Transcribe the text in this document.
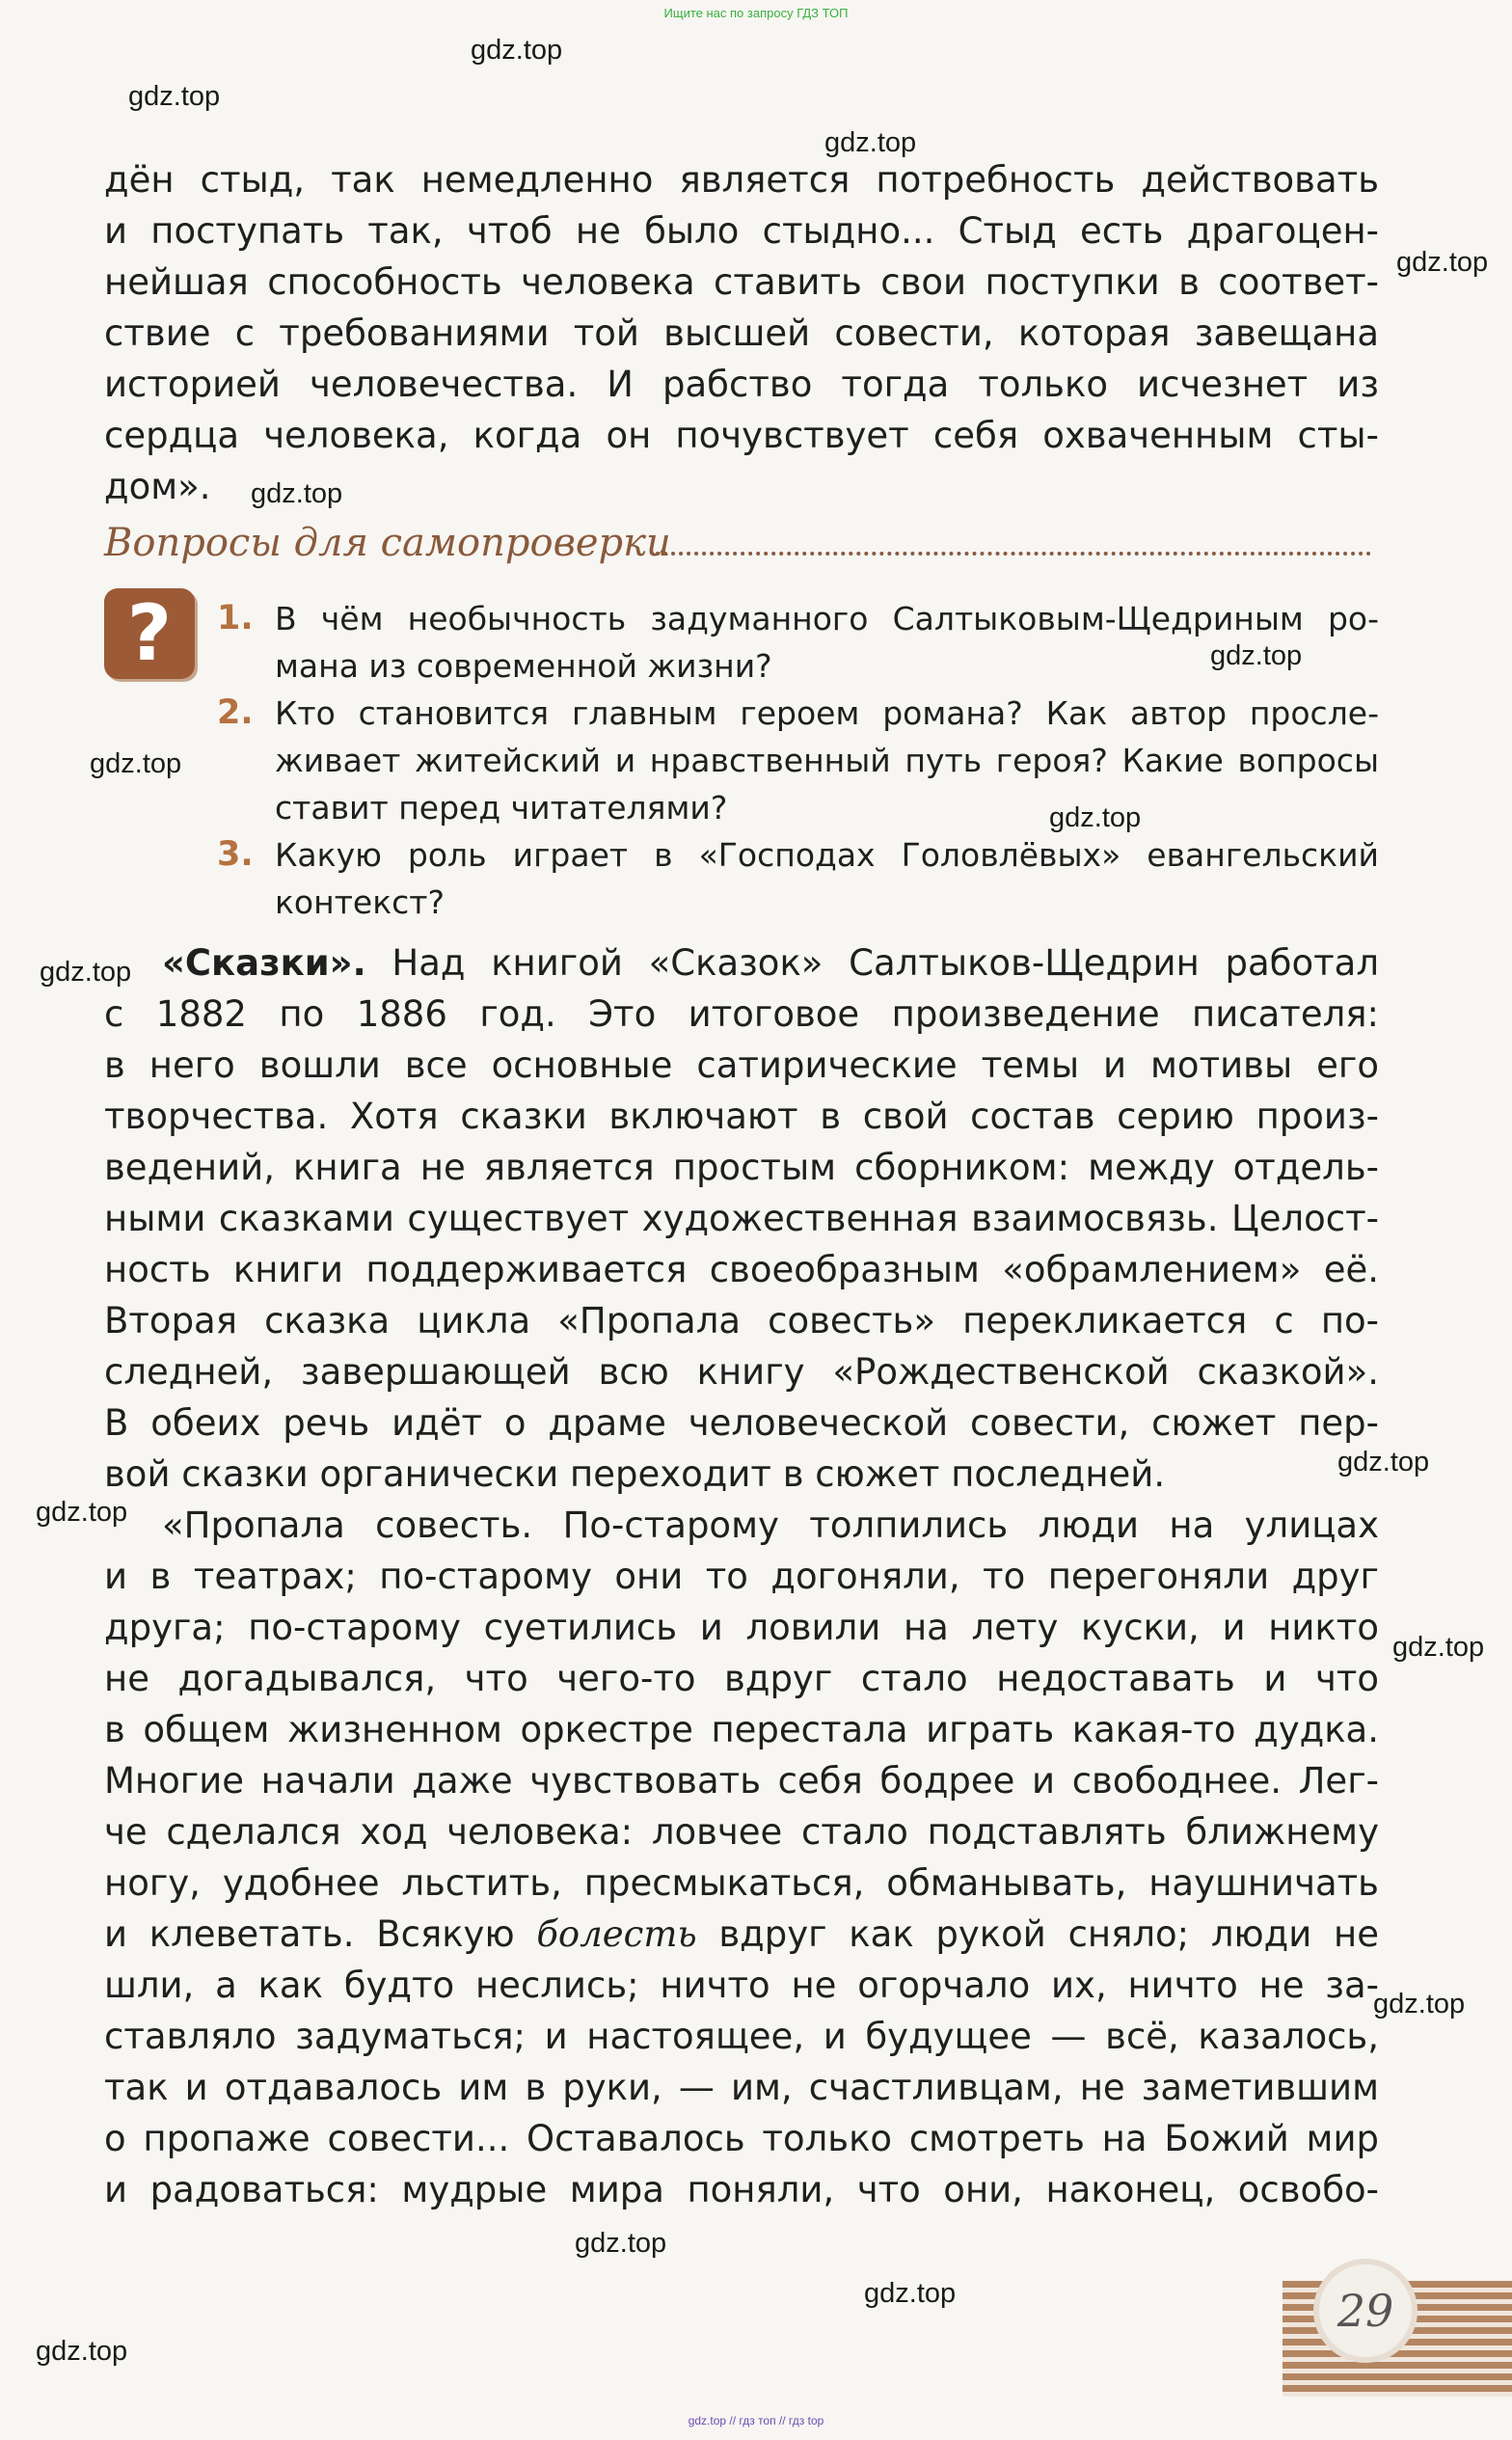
Ищите нас по запросу ГДЗ ТОП
gdz.top
gdz.top
gdz.top
gdz.top
gdz.top
gdz.top
gdz.top
gdz.top
gdz.top
gdz.top
gdz.top
gdz.top
gdz.top
gdz.top
gdz.top
gdz.top
дён стыд, так немедленно является потребность действовать
и поступать так, чтоб не было стыдно... Стыд есть драгоцен-
нейшая способность человека ставить свои поступки в соответ-
ствие с требованиями той высшей совести, которая завещана
историей человечества. И рабство тогда только исчезнет из
сердца человека, когда он почувствует себя охваченным сты-
дом».
Вопросы для самопроверки
?	1. В чём необычность задуманного Салтыковым-Щедриным ро-
мана из современной жизни?
2. Кто становится главным героем романа? Как автор просле-
живает житейский и нравственный путь героя? Какие вопросы
ставит перед читателями?
3. Какую роль играет в «Господах Головлёвых» евангельский
контекст?
«Сказки». Над книгой «Сказок» Салтыков-Щедрин работал
с 1882 по 1886 год. Это итоговое произведение писателя:
в него вошли все основные сатирические темы и мотивы его
творчества. Хотя сказки включают в свой состав серию произ-
ведений, книга не является простым сборником: между отдель-
ными сказками существует художественная взаимосвязь. Целост-
ность книги поддерживается своеобразным «обрамлением» её.
Вторая сказка цикла «Пропала совесть» перекликается с по-
следней, завершающей всю книгу «Рождественской сказкой».
В обеих речь идёт о драме человеческой совести, сюжет пер-
вой сказки органически переходит в сюжет последней.
«Пропала совесть. По-старому толпились люди на улицах
и в театрах; по-старому они то догоняли, то перегоняли друг
друга; по-старому суетились и ловили на лету куски, и никто
не догадывался, что чего-то вдруг стало недоставать и что
в общем жизненном оркестре перестала играть какая-то дудка.
Многие начали даже чувствовать себя бодрее и свободнее. Лег-
че сделался ход человека: ловчее стало подставлять ближнему
ногу, удобнее льстить, пресмыкаться, обманывать, наушничать
и клеветать. Всякую болесть вдруг как рукой сняло; люди не
шли, а как будто неслись; ничто не огорчало их, ничто не за-
ставляло задуматься; и настоящее, и будущее — всё, казалось,
так и отдавалось им в руки, — им, счастливцам, не заметившим
о пропаже совести... Оставалось только смотреть на Божий мир
и радоваться: мудрые мира поняли, что они, наконец, освобо-
29
gdz.top // гдз топ // гдз top
